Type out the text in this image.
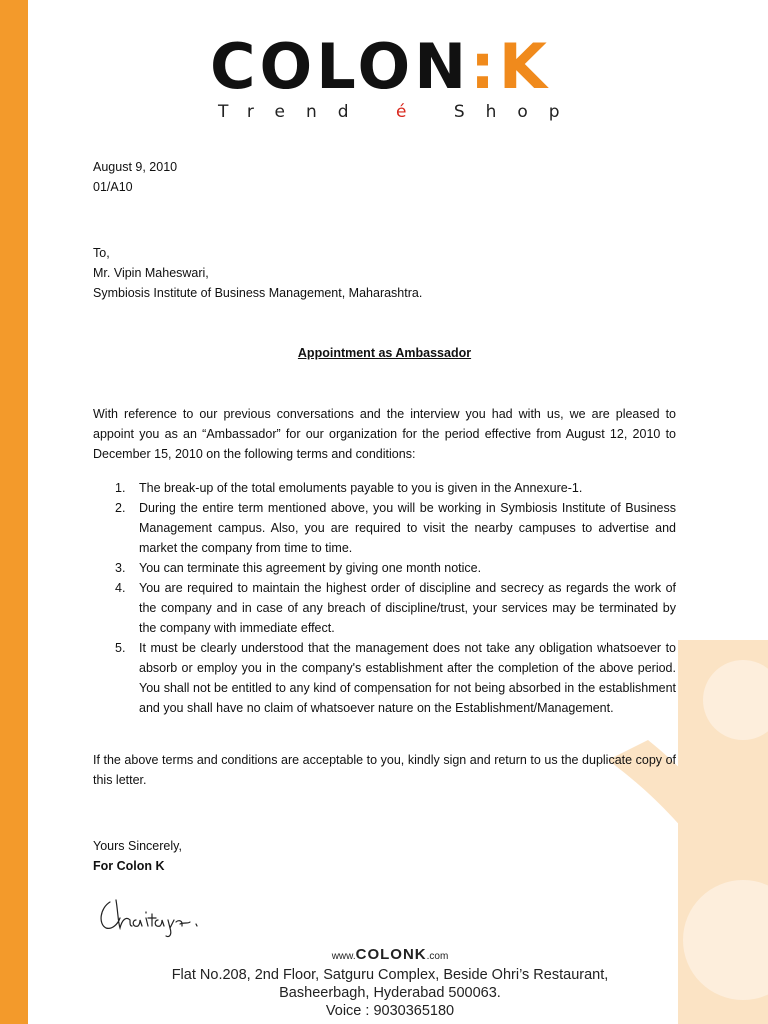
COLON:K
Trend é Shop
August 9, 2010
01/A10
To,
Mr. Vipin Maheswari,
Symbiosis Institute of Business Management, Maharashtra.
Appointment as Ambassador
With reference to our previous conversations and the interview you had with us, we are pleased to appoint you as an “Ambassador” for our organization for the period effective from August 12, 2010 to December 15, 2010 on the following terms and conditions:
1. The break-up of the total emoluments payable to you is given in the Annexure-1.
2. During the entire term mentioned above, you will be working in Symbiosis Institute of Business Management campus. Also, you are required to visit the nearby campuses to advertise and market the company from time to time.
3. You can terminate this agreement by giving one month notice.
4. You are required to maintain the highest order of discipline and secrecy as regards the work of the company and in case of any breach of discipline/trust, your services may be terminated by the company with immediate effect.
5. It must be clearly understood that the management does not take any obligation whatsoever to absorb or employ you in the company's establishment after the completion of the above period. You shall not be entitled to any kind of compensation for not being absorbed in the establishment and you shall have no claim of whatsoever nature on the Establishment/Management.
If the above terms and conditions are acceptable to you, kindly sign and return to us the duplicate copy of this letter.
Yours Sincerely,
For Colon K
www.COLONK.com
Flat No.208, 2nd Floor, Satguru Complex, Beside Ohri’s Restaurant,
Basheerbagh, Hyderabad 500063.
Voice : 9030365180
